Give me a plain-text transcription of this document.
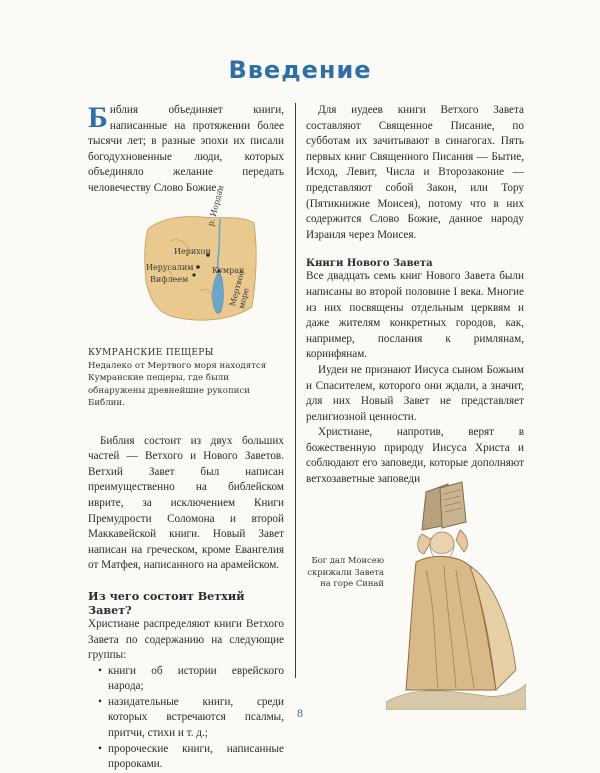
Введение

Библия объединяет книги, написанные на протяжении более тысячи лет; в разные эпохи их писали богодухновенные люди, которых объединяло желание передать человечеству Слово Божие.

Иерихон
Иерусалим
Вифлеем
Кумран
р. Иордан
Мертвое море
КУМРАНСКИЕ ПЕЩЕРЫ

Недалеко от Мертвого моря находятся Кумранские пещеры, где были обнаружены древнейшие рукописи Библии.

Библия состоит из двух больших частей — Ветхого и Нового Заветов. Ветхий Завет был написан преимущественно на библейском иврите, за исключением Книги Премудрости Соломона и второй Маккавейской книги. Новый Завет написан на греческом, кроме Евангелия от Матфея, написанного на арамейском.

Из чего состоит Ветхий Завет?

Христиане распределяют книги Ветхого Завета по содержанию на следующие группы:

• книги об истории еврейского народа;
• назидательные книги, среди которых встречаются псалмы, притчи, стихи и т. д.;
• пророческие книги, написанные пророками.

Для иудеев книги Ветхого Завета составляют Священное Писание, по субботам их зачитывают в синагогах. Пять первых книг Священного Писания — Бытие, Исход, Левит, Числа и Второзаконие — представляют собой Закон, или Тору (Пятикнижие Моисея), потому что в них содержится Слово Божие, данное народу Израиля через Моисея.

Книги Нового Завета

Все двадцать семь книг Нового Завета были написаны во второй половине I века. Многие из них посвящены отдельным церквям и даже жителям конкретных городов, как, например, послания к римлянам, коринфянам.

Иудеи не признают Иисуса сыном Божьим и Спасителем, которого они ждали, а значит, для них Новый Завет не представляет религиозной ценности.

Христиане, напротив, верят в божественную природу Иисуса Христа и соблюдают его заповеди, которые дополняют ветхозаветные заповеди

Бог дал Моисею скрижали Завета на горе Синай
8
